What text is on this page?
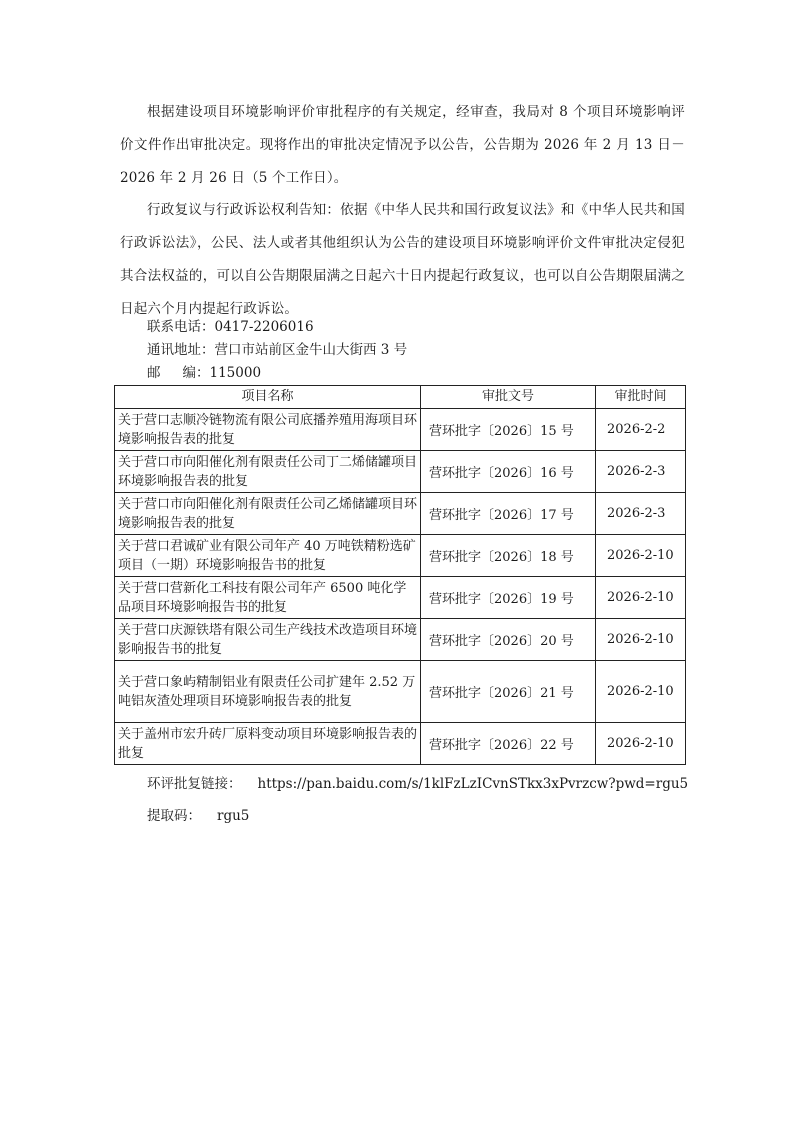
根据建设项目环境影响评价审批程序的有关规定，经审查，我局对 8 个项目环境影响评价文件作出审批决定。现将作出的审批决定情况予以公告，公告期为 2026 年 2 月 13 日－2026 年 2 月 26 日（5 个工作日）。

行政复议与行政诉讼权利告知：依据《中华人民共和国行政复议法》和《中华人民共和国行政诉讼法》，公民、法人或者其他组织认为公告的建设项目环境影响评价文件审批决定侵犯其合法权益的，可以自公告期限届满之日起六十日内提起行政复议，也可以自公告期限届满之日起六个月内提起行政诉讼。

联系电话：0417-2206016

通讯地址：营口市站前区金牛山大街西 3 号

邮 编：115000

项目名称	审批文号	审批时间
关于营口志顺冷链物流有限公司底播养殖用海项目环境影响报告表的批复	营环批字〔2026〕15 号	2026-2-2
关于营口市向阳催化剂有限责任公司丁二烯储罐项目环境影响报告表的批复	营环批字〔2026〕16 号	2026-2-3
关于营口市向阳催化剂有限责任公司乙烯储罐项目环境影响报告表的批复	营环批字〔2026〕17 号	2026-2-3
关于营口君诚矿业有限公司年产 40 万吨铁精粉选矿项目（一期）环境影响报告书的批复	营环批字〔2026〕18 号	2026-2-10
关于营口营新化工科技有限公司年产 6500 吨化学品项目环境影响报告书的批复	营环批字〔2026〕19 号	2026-2-10
关于营口庆源铁塔有限公司生产线技术改造项目环境影响报告书的批复	营环批字〔2026〕20 号	2026-2-10
关于营口象屿精制铝业有限责任公司扩建年 2.52 万吨铝灰渣处理项目环境影响报告表的批复	营环批字〔2026〕21 号	2026-2-10
关于盖州市宏升砖厂原料变动项目环境影响报告表的批复	营环批字〔2026〕22 号	2026-2-10

环评批复链接： https://pan.baidu.com/s/1klFzLzICvnSTkx3xPvrzcw?pwd=rgu5

提取码： rgu5
